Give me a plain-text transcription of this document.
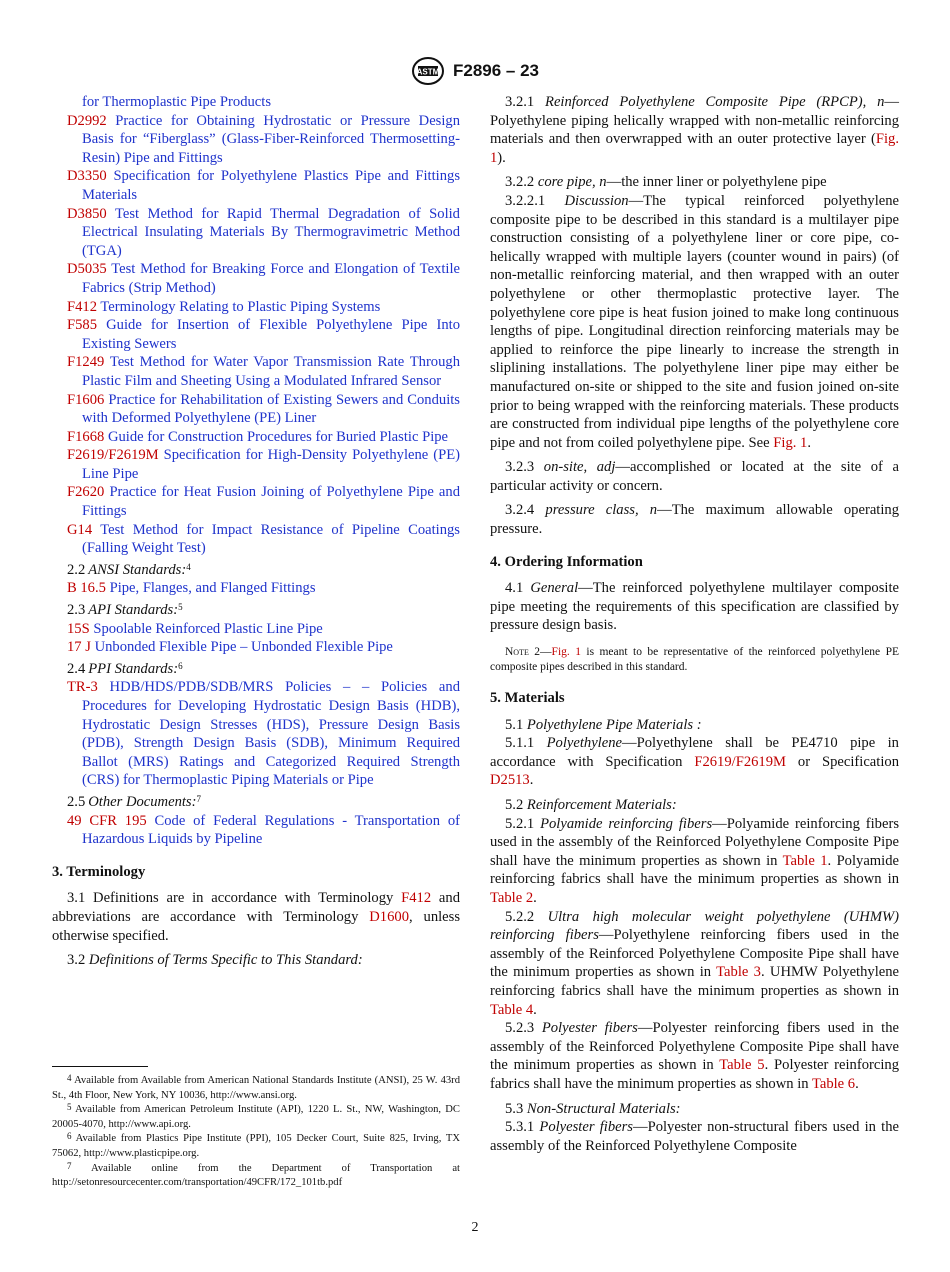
ASTM F2896 – 23

for Thermoplastic Pipe Products

D2992 Practice for Obtaining Hydrostatic or Pressure Design Basis for “Fiberglass” (Glass-Fiber-Reinforced Thermosetting-Resin) Pipe and Fittings

D3350 Specification for Polyethylene Plastics Pipe and Fittings Materials

D3850 Test Method for Rapid Thermal Degradation of Solid Electrical Insulating Materials By Thermogravimetric Method (TGA)

D5035 Test Method for Breaking Force and Elongation of Textile Fabrics (Strip Method)

F412 Terminology Relating to Plastic Piping Systems

F585 Guide for Insertion of Flexible Polyethylene Pipe Into Existing Sewers

F1249 Test Method for Water Vapor Transmission Rate Through Plastic Film and Sheeting Using a Modulated Infrared Sensor

F1606 Practice for Rehabilitation of Existing Sewers and Conduits with Deformed Polyethylene (PE) Liner

F1668 Guide for Construction Procedures for Buried Plastic Pipe

F2619/F2619M Specification for High-Density Polyethylene (PE) Line Pipe

F2620 Practice for Heat Fusion Joining of Polyethylene Pipe and Fittings

G14 Test Method for Impact Resistance of Pipeline Coatings (Falling Weight Test)

2.2 ANSI Standards:$^4$

B 16.5 Pipe, Flanges, and Flanged Fittings

2.3 API Standards:$^5$

15S Spoolable Reinforced Plastic Line Pipe

17 J Unbonded Flexible Pipe – Unbonded Flexible Pipe

2.4 PPI Standards:$^6$

TR-3 HDB/HDS/PDB/SDB/MRS Policies – – Policies and Procedures for Developing Hydrostatic Design Basis (HDB), Hydrostatic Design Stresses (HDS), Pressure Design Basis (PDB), Strength Design Basis (SDB), Minimum Required Ballot (MRS) Ratings and Categorized Required Strength (CRS) for Thermoplastic Piping Materials or Pipe

2.5 Other Documents:$^7$

49 CFR 195 Code of Federal Regulations - Transportation of Hazardous Liquids by Pipeline

3. Terminology

3.1 Definitions are in accordance with Terminology F412 and abbreviations are accordance with Terminology D1600, unless otherwise specified.

3.2 Definitions of Terms Specific to This Standard:

$^4$ Available from Available from American National Standards Institute (ANSI), 25 W. 43rd St., 4th Floor, New York, NY 10036, http://www.ansi.org.

$^5$ Available from American Petroleum Institute (API), 1220 L. St., NW, Washington, DC 20005-4070, http://www.api.org.

$^6$ Available from Plastics Pipe Institute (PPI), 105 Decker Court, Suite 825, Irving, TX 75062, http://www.plasticpipe.org.

$^7$ Available online from the Department of Transportation at http://setonresourcecenter.com/transportation/49CFR/172_101tb.pdf

3.2.1 Reinforced Polyethylene Composite Pipe (RPCP), n—Polyethylene piping helically wrapped with non-metallic reinforcing materials and then overwrapped with an outer protective layer (Fig. 1).

3.2.2 core pipe, n—the inner liner or polyethylene pipe

3.2.2.1 Discussion—The typical reinforced polyethylene composite pipe to be described in this standard is a multilayer pipe construction consisting of a polyethylene liner or core pipe, co-helically wrapped with multiple layers (counter wound in pairs) (of non-metallic reinforcing material, and then wrapped with an outer polyethylene or other thermoplastic protective layer. The polyethylene core pipe is heat fusion joined to make long continuous lengths of pipe. Longitudinal direction reinforcing materials may be applied to reinforce the pipe linearly to increase the strength in sliplining installations. The polyethylene liner pipe may either be manufactured on-site or shipped to the site and fusion joined on-site prior to being wrapped with the reinforcing materials. These products are constructed from individual pipe lengths of the polyethylene core pipe and not from coiled polyethylene pipe. See Fig. 1.

3.2.3 on-site, adj—accomplished or located at the site of a particular activity or concern.

3.2.4 pressure class, n—The maximum allowable operating pressure.

4. Ordering Information

4.1 General—The reinforced polyethylene multilayer composite pipe meeting the requirements of this specification are classified by pressure design basis.

Note 2—Fig. 1 is meant to be representative of the reinforced polyethylene PE composite pipes described in this standard.

5. Materials

5.1 Polyethylene Pipe Materials :

5.1.1 Polyethylene—Polyethylene shall be PE4710 pipe in accordance with Specification F2619/F2619M or Specification D2513.

5.2 Reinforcement Materials:

5.2.1 Polyamide reinforcing fibers—Polyamide reinforcing fibers used in the assembly of the Reinforced Polyethylene Composite Pipe shall have the minimum properties as shown in Table 1. Polyamide reinforcing fabrics shall have the minimum properties as shown in Table 2.

5.2.2 Ultra high molecular weight polyethylene (UHMW) reinforcing fibers—Polyethylene reinforcing fibers used in the assembly of the Reinforced Polyethylene Composite Pipe shall have the minimum properties as shown in Table 3. UHMW Polyethylene reinforcing fabrics shall have the minimum properties as shown in Table 4.

5.2.3 Polyester fibers—Polyester reinforcing fibers used in the assembly of the Reinforced Polyethylene Composite Pipe shall have the minimum properties as shown in Table 5. Polyester reinforcing fabrics shall have the minimum properties as shown in Table 6.

5.3 Non-Structural Materials:

5.3.1 Polyester fibers—Polyester non-structural fibers used in the assembly of the Reinforced Polyethylene Composite

2
